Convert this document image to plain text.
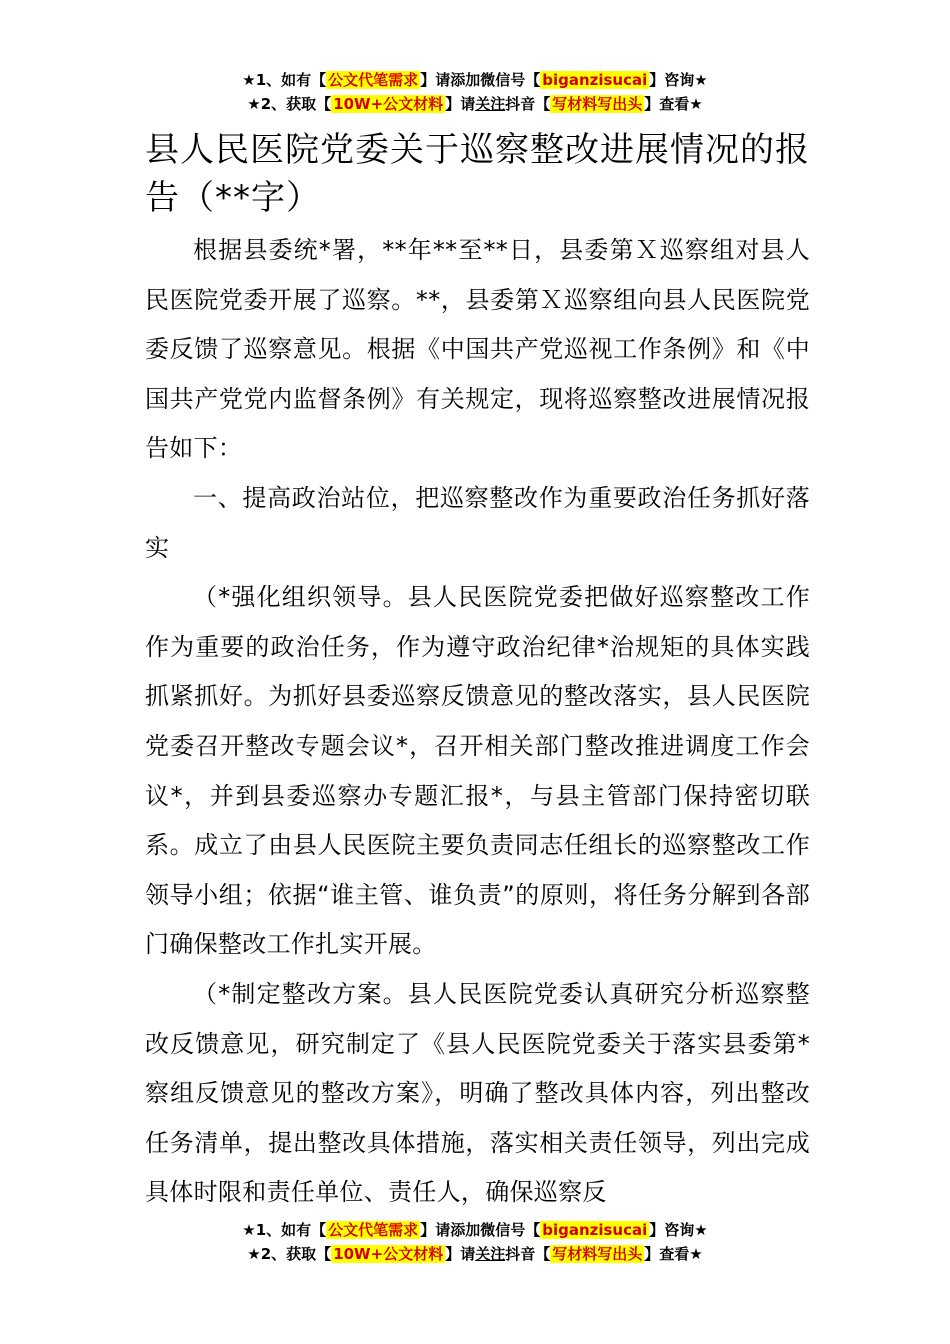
★1、如有【 公文代笔需求 】请添加微信号【 biganzisucai 】咨询★
★2、获取【 10W+公文材料 】请关注抖音【 写材料写出头 】查看★
县人民医院党委关于巡察整改进展情况的报告（**字）

根据县委统*署，**年**至**日，县委第Ｘ巡察组对县人民医院党委开展了巡察。**，县委第Ｘ巡察组向县人民医院党委反馈了巡察意见。根据《中国共产党巡视工作条例》和《中国共产党党内监督条例》有关规定，现将巡察整改进展情况报告如下：

一、提高政治站位，把巡察整改作为重要政治任务抓好落实

（*强化组织领导。县人民医院党委把做好巡察整改工作作为重要的政治任务，作为遵守政治纪律*治规矩的具体实践抓紧抓好。为抓好县委巡察反馈意见的整改落实，县人民医院党委召开整改专题会议*，召开相关部门整改推进调度工作会议*，并到县委巡察办专题汇报*，与县主管部门保持密切联系。成立了由县人民医院主要负责同志任组长的巡察整改工作领导小组；依据“谁主管、谁负责”的原则，将任务分解到各部门确保整改工作扎实开展。

（*制定整改方案。县人民医院党委认真研究分析巡察整改反馈意见，研究制定了《县人民医院党委关于落实县委第*察组反馈意见的整改方案》，明确了整改具体内容，列出整改任务清单，提出整改具体措施，落实相关责任领导，列出完成具体时限和责任单位、责任人，确保巡察反

★1、如有【 公文代笔需求 】请添加微信号【 biganzisucai 】咨询★
★2、获取【 10W+公文材料 】请关注抖音【 写材料写出头 】查看★
